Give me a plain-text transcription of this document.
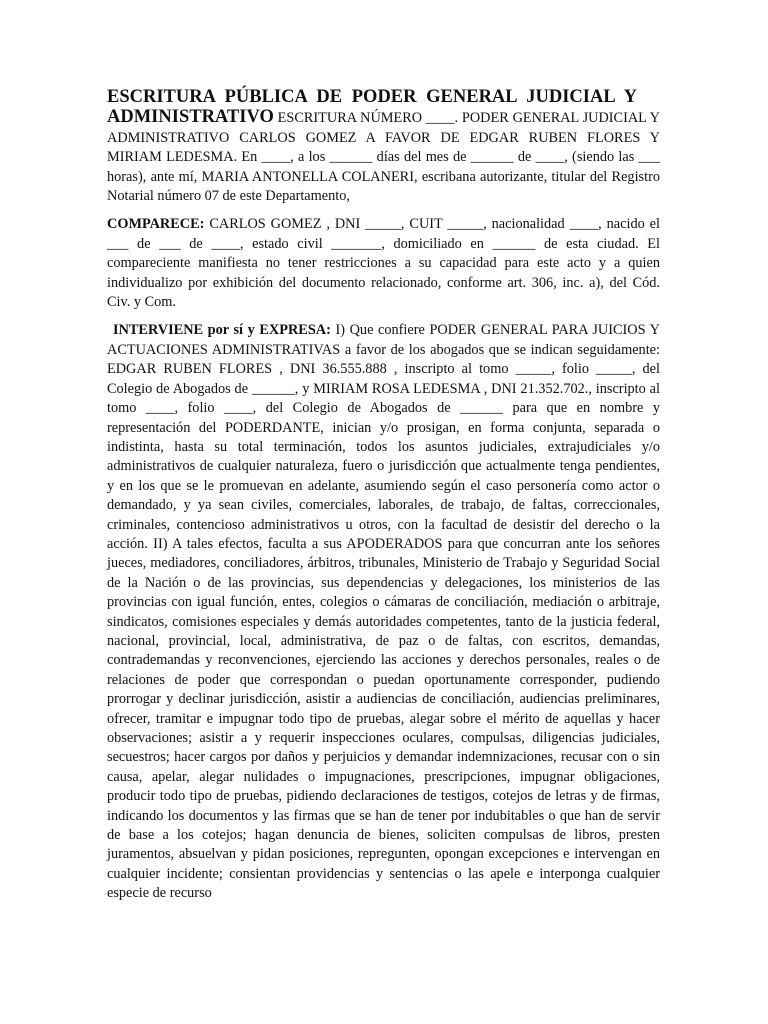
ESCRITURA PÚBLICA DE PODER GENERAL JUDICIAL Y
ADMINISTRATIVO ESCRITURA NÚMERO ____. PODER GENERAL JUDICIAL Y ADMINISTRATIVO CARLOS GOMEZ A FAVOR DE EDGAR RUBEN FLORES Y MIRIAM LEDESMA. En ____, a los ______ días del mes de ______ de ____, (siendo las ___ horas), ante mí, MARIA ANTONELLA COLANERI, escribana autorizante, titular del Registro Notarial número 07 de este Departamento,

COMPARECE: CARLOS GOMEZ , DNI _____, CUIT _____, nacionalidad ____, nacido el ___ de ___ de ____, estado civil _______, domiciliado en ______ de esta ciudad. El compareciente manifiesta no tener restricciones a su capacidad para este acto y a quien individualizo por exhibición del documento relacionado, conforme art. 306, inc. a), del Cód. Civ. y Com.

INTERVIENE por sí y EXPRESA: I) Que confiere PODER GENERAL PARA JUICIOS Y ACTUACIONES ADMINISTRATIVAS a favor de los abogados que se indican seguidamente: EDGAR RUBEN FLORES , DNI 36.555.888 , inscripto al tomo _____, folio _____, del Colegio de Abogados de ______, y MIRIAM ROSA LEDESMA , DNI 21.352.702., inscripto al tomo ____, folio ____, del Colegio de Abogados de ______ para que en nombre y representación del PODERDANTE, inician y/o prosigan, en forma conjunta, separada o indistinta, hasta su total terminación, todos los asuntos judiciales, extrajudiciales y/o administrativos de cualquier naturaleza, fuero o jurisdicción que actualmente tenga pendientes, y en los que se le promuevan en adelante, asumiendo según el caso personería como actor o demandado, y ya sean civiles, comerciales, laborales, de trabajo, de faltas, correccionales, criminales, contencioso administrativos u otros, con la facultad de desistir del derecho o la acción. II) A tales efectos, faculta a sus APODERADOS para que concurran ante los señores jueces, mediadores, conciliadores, árbitros, tribunales, Ministerio de Trabajo y Seguridad Social de la Nación o de las provincias, sus dependencias y delegaciones, los ministerios de las provincias con igual función, entes, colegios o cámaras de conciliación, mediación o arbitraje, sindicatos, comisiones especiales y demás autoridades competentes, tanto de la justicia federal, nacional, provincial, local, administrativa, de paz o de faltas, con escritos, demandas, contrademandas y reconvenciones, ejerciendo las acciones y derechos personales, reales o de relaciones de poder que correspondan o puedan oportunamente corresponder, pudiendo prorrogar y declinar jurisdicción, asistir a audiencias de conciliación, audiencias preliminares, ofrecer, tramitar e impugnar todo tipo de pruebas, alegar sobre el mérito de aquellas y hacer observaciones; asistir a y requerir inspecciones oculares, compulsas, diligencias judiciales, secuestros; hacer cargos por daños y perjuicios y demandar indemnizaciones, recusar con o sin causa, apelar, alegar nulidades o impugnaciones, prescripciones, impugnar obligaciones, producir todo tipo de pruebas, pidiendo declaraciones de testigos, cotejos de letras y de firmas, indicando los documentos y las firmas que se han de tener por indubitables o que han de servir de base a los cotejos; hagan denuncia de bienes, soliciten compulsas de libros, presten juramentos, absuelvan y pidan posiciones, repregunten, opongan excepciones e intervengan en cualquier incidente; consientan providencias y sentencias o las apele e interponga cualquier especie de recurso
